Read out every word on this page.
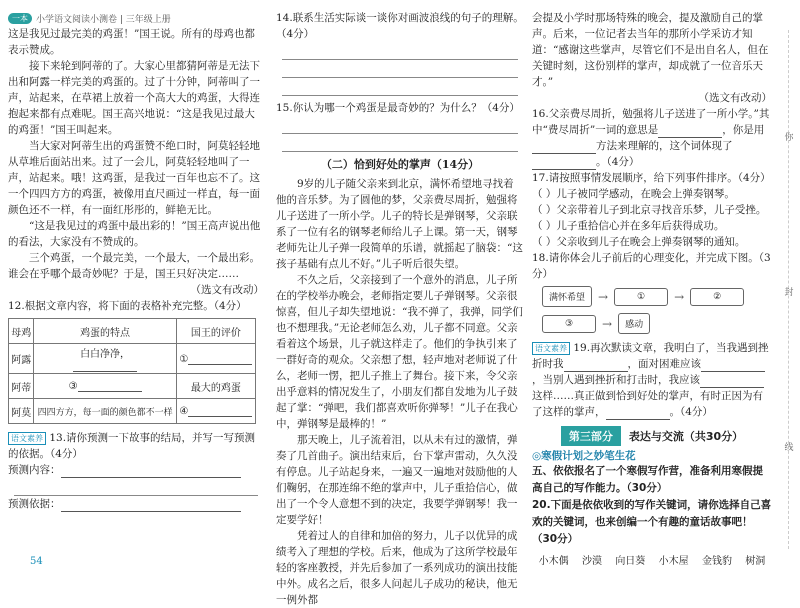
一本 小学语文阅读小测卷 | 三年级上册

这是我见过最完美的鸡蛋！”国王说。所有的母鸡也都表示赞成。

接下来轮到阿蒂的了。大家心里都猜阿蒂是无法下出和阿露一样完美的鸡蛋的。过了十分钟，阿蒂叫了一声，站起来，在草裙上放着一个高大大的鸡蛋，大得连抱起来都有点难呢。国王高兴地说：“这是我见过最大的鸡蛋！”国王叫起来。

当大家对阿蒂生出的鸡蛋赞不绝口时，阿莫轻轻地从草堆后面站出来。过了一会儿，阿莫轻轻地叫了一声，站起来。哦！这鸡蛋，是我过一百年也忘不了。这一个四四方方的鸡蛋，被像用直尺画过一样直，每一面颜色还不一样，有一面红彤彤的，鲜艳无比。

“这是我见过的鸡蛋中最出彩的！”国王高声说出他的看法，大家没有不赞成的。

三个鸡蛋，一个最完美，一个最大，一个最出彩。谁会在乎哪个最奇妙呢？于是，国王只好决定……

（选文有改动）

12.根据文章内容，将下面的表格补充完整。（4分）
母鸡	鸡蛋的特点	国王的评价
阿露	白白净净，	①
阿蒂	③	最大的鸡蛋
阿莫	四四方方，每一面的颜色都不一样	④
语文素养 13.请你预测一下故事的结局，并写一写预测的依据。（4分）
预测内容：
预测依据：
14.联系生活实际谈一谈你对画波浪线的句子的理解。（4分）
15.你认为哪一个鸡蛋是最奇妙的？为什么？（4分）
（二）恰到好处的掌声（14分）

9岁的儿子随父亲来到北京，满怀希望地寻找着他的音乐梦。为了圆他的梦，父亲费尽周折，勉强将儿子送进了一所小学。儿子的特长是弹钢琴，父亲联系了一位有名的钢琴老师给儿子上课。第一天，钢琴老师先让儿子弹一段简单的乐谱，就摇起了脑袋：“这孩子基础有点儿不好。”儿子听后很失望。

不久之后，父亲接到了一个意外的消息，儿子所在的学校举办晚会，老师指定要儿子弹钢琴。父亲很惊喜，但儿子却失望地说：“我不弹了，我弹，同学们也不想理我。”无论老师怎么劝，儿子都不同意。父亲看着这个场景，儿子就这样走了。他们的争执引来了一群好奇的观众。父亲想了想，轻声地对老师说了什么，老师一愣，把儿子推上了舞台。接下来，令父亲出乎意料的情况发生了，小朋友们都自发地为儿子鼓起了掌：“弹吧，我们都喜欢听你弹琴！”儿子在我心中，弹钢琴是最棒的！”

那天晚上，儿子流着泪，以从未有过的激情，弹奏了几首曲子。演出结束后，台下掌声雷动，久久没有停息。儿子站起身来，一遍又一遍地对鼓励他的人们鞠躬，在那连绵不绝的掌声中，儿子重拾信心，做出了一个令人意想不到的决定，我要学弹钢琴！我一定要学好！

凭着过人的自律和加倍的努力，儿子以优异的成绩考入了理想的学校。后来，他成为了这所学校最年轻的客座教授，并先后参加了一系列成功的演出技能中外。成名之后，很多人问起儿子成功的秘诀，他无一例外都

会提及小学时那场特殊的晚会，提及激励自己的掌声。后来，一位记者去当年的那所小学采访才知道：“感谢这些掌声，尽管它们不是出自名人，但在关键时刻，这份别样的掌声，却成就了一位音乐天才。”

（选文有改动）

16.父亲费尽周折，勉强将儿子送进了一所小学。”其中“费尽周折”一词的意思是	，你是用方法来理解的，这个词体现了。（4分）
17.请按照事情发展顺序，给下列事件排序。（4分）
（ ）儿子被同学感动，在晚会上弹奏钢琴。
（ ）父亲带着儿子到北京寻找音乐梦，儿子受挫。
（ ）儿子重拾信心并在多年后获得成功。
（ ）父亲收到儿子在晚会上弹奏钢琴的通知。
18.请你体会儿子前后的心理变化，并完成下图。（3分）
满怀希望	→	①	→	②
③	→	感动
语文素养 19.再次默读文章，我明白了，当我遇到挫折时我	，面对困难应该，当别人遇到挫折和打击时，我应该这样……真正做到恰到好处的掌声，有时正因为有了这样的掌声，	。（4分）
第三部分	表达与交流（共30分）
◎寒假计划之妙笔生花
五、依依报名了一个寒假写作营，准备利用寒假提高自己的写作能力。（30分）
20.下面是依依收到的写作关键词，请你选择自己喜欢的关键词，也来创编一个有趣的童话故事吧！（30分）
小木偶 沙漠 向日葵 小木屋 金钱豹 树洞
你
封
线
54
